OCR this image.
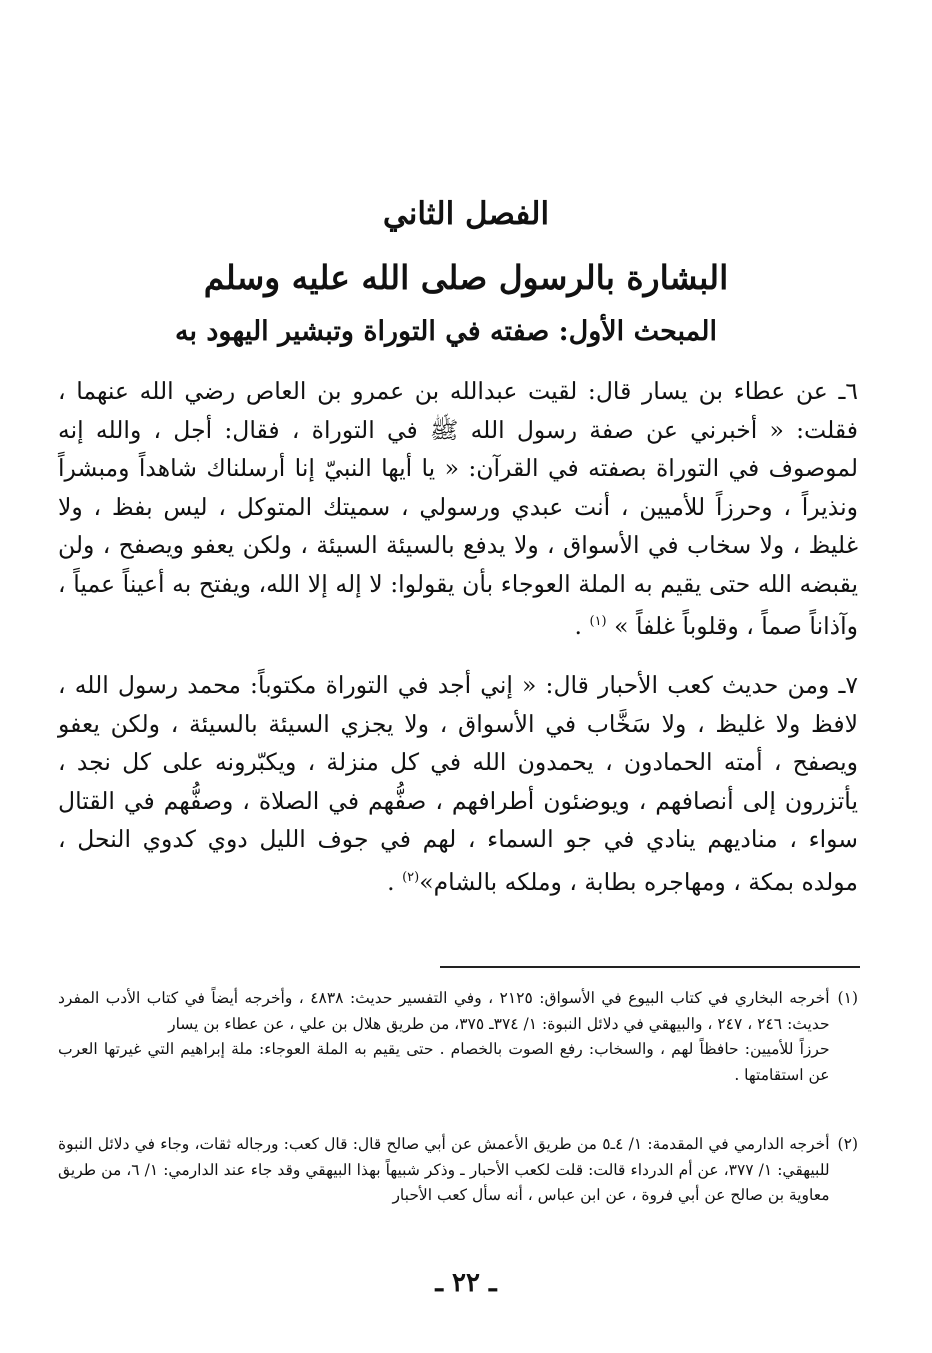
الفصل الثاني
البشارة بالرسول صلى الله عليه وسلم
المبحث الأول: صفته في التوراة وتبشير اليهود به
٦ـ عن عطاء بن يسار قال: لقيت عبدالله بن عمرو بن العاص رضي الله عنهما ، فقلت: « أخبرني عن صفة رسول الله ﷺ في التوراة ، فقال: أجل ، والله إنه لموصوف في التوراة بصفته في القرآن: « يا أيها النبيّ إنا أرسلناك شاهداً ومبشراً ونذيراً ، وحرزاً للأميين ، أنت عبدي ورسولي ، سميتك المتوكل ، ليس بفظ ، ولا غليظ ، ولا سخاب في الأسواق ، ولا يدفع بالسيئة السيئة ، ولكن يعفو ويصفح ، ولن يقبضه الله حتى يقيم به الملة العوجاء بأن يقولوا: لا إله إلا الله، ويفتح به أعيناً عمياً ، وآذاناً صماً ، وقلوباً غلفاً » $^{(١)}$ .
٧ـ ومن حديث كعب الأحبار قال: « إني أجد في التوراة مكتوباً: محمد رسول الله ، لافظ ولا غليظ ، ولا سَخَّاب في الأسواق ، ولا يجزي السيئة بالسيئة ، ولكن يعفو ويصفح ، أمته الحمادون ، يحمدون الله في كل منزلة ، ويكبّرونه على كل نجد ، يأتزرون إلى أنصافهم ، ويوضئون أطرافهم ، صفُّهم في الصلاة ، وصفُّهم في القتال سواء ، مناديهم ينادي في جو السماء ، لهم في جوف الليل دوي كدوي النحل ، مولده بمكة ، ومهاجره بطابة ، وملكه بالشام»$^{(٢)}$ .
(١)
أخرجه البخاري في كتاب البيوع في الأسواق: ٢١٢٥ ، وفي التفسير حديث: ٤٨٣٨ ، وأخرجه أيضاً في كتاب الأدب المفرد حديث: ٢٤٦ ، ٢٤٧ ، والبيهقي في دلائل النبوة: ١/ ٣٧٤ـ ٣٧٥، من طريق هلال بن علي ، عن عطاء بن يسار
حرزاً للأميين: حافظاً لهم ، والسخاب: رفع الصوت بالخصام . حتى يقيم به الملة العوجاء: ملة إبراهيم التي غيرتها العرب عن استقامتها .
(٢)
أخرجه الدارمي في المقدمة: ١/ ٤ـ٥ من طريق الأعمش عن أبي صالح قال: قال كعب: ورجاله ثقات، وجاء في دلائل النبوة للبيهقي: ١/ ٣٧٧، عن أم الدرداء قالت: قلت لكعب الأحبار ـ وذكر شبيهاً بهذا البيهقي وقد جاء عند الدارمي: ١/ ٦، من طريق معاوية بن صالح عن أبي فروة ، عن ابن عباس ، أنه سأل كعب الأحبار
ـ ٢٢ ـ
